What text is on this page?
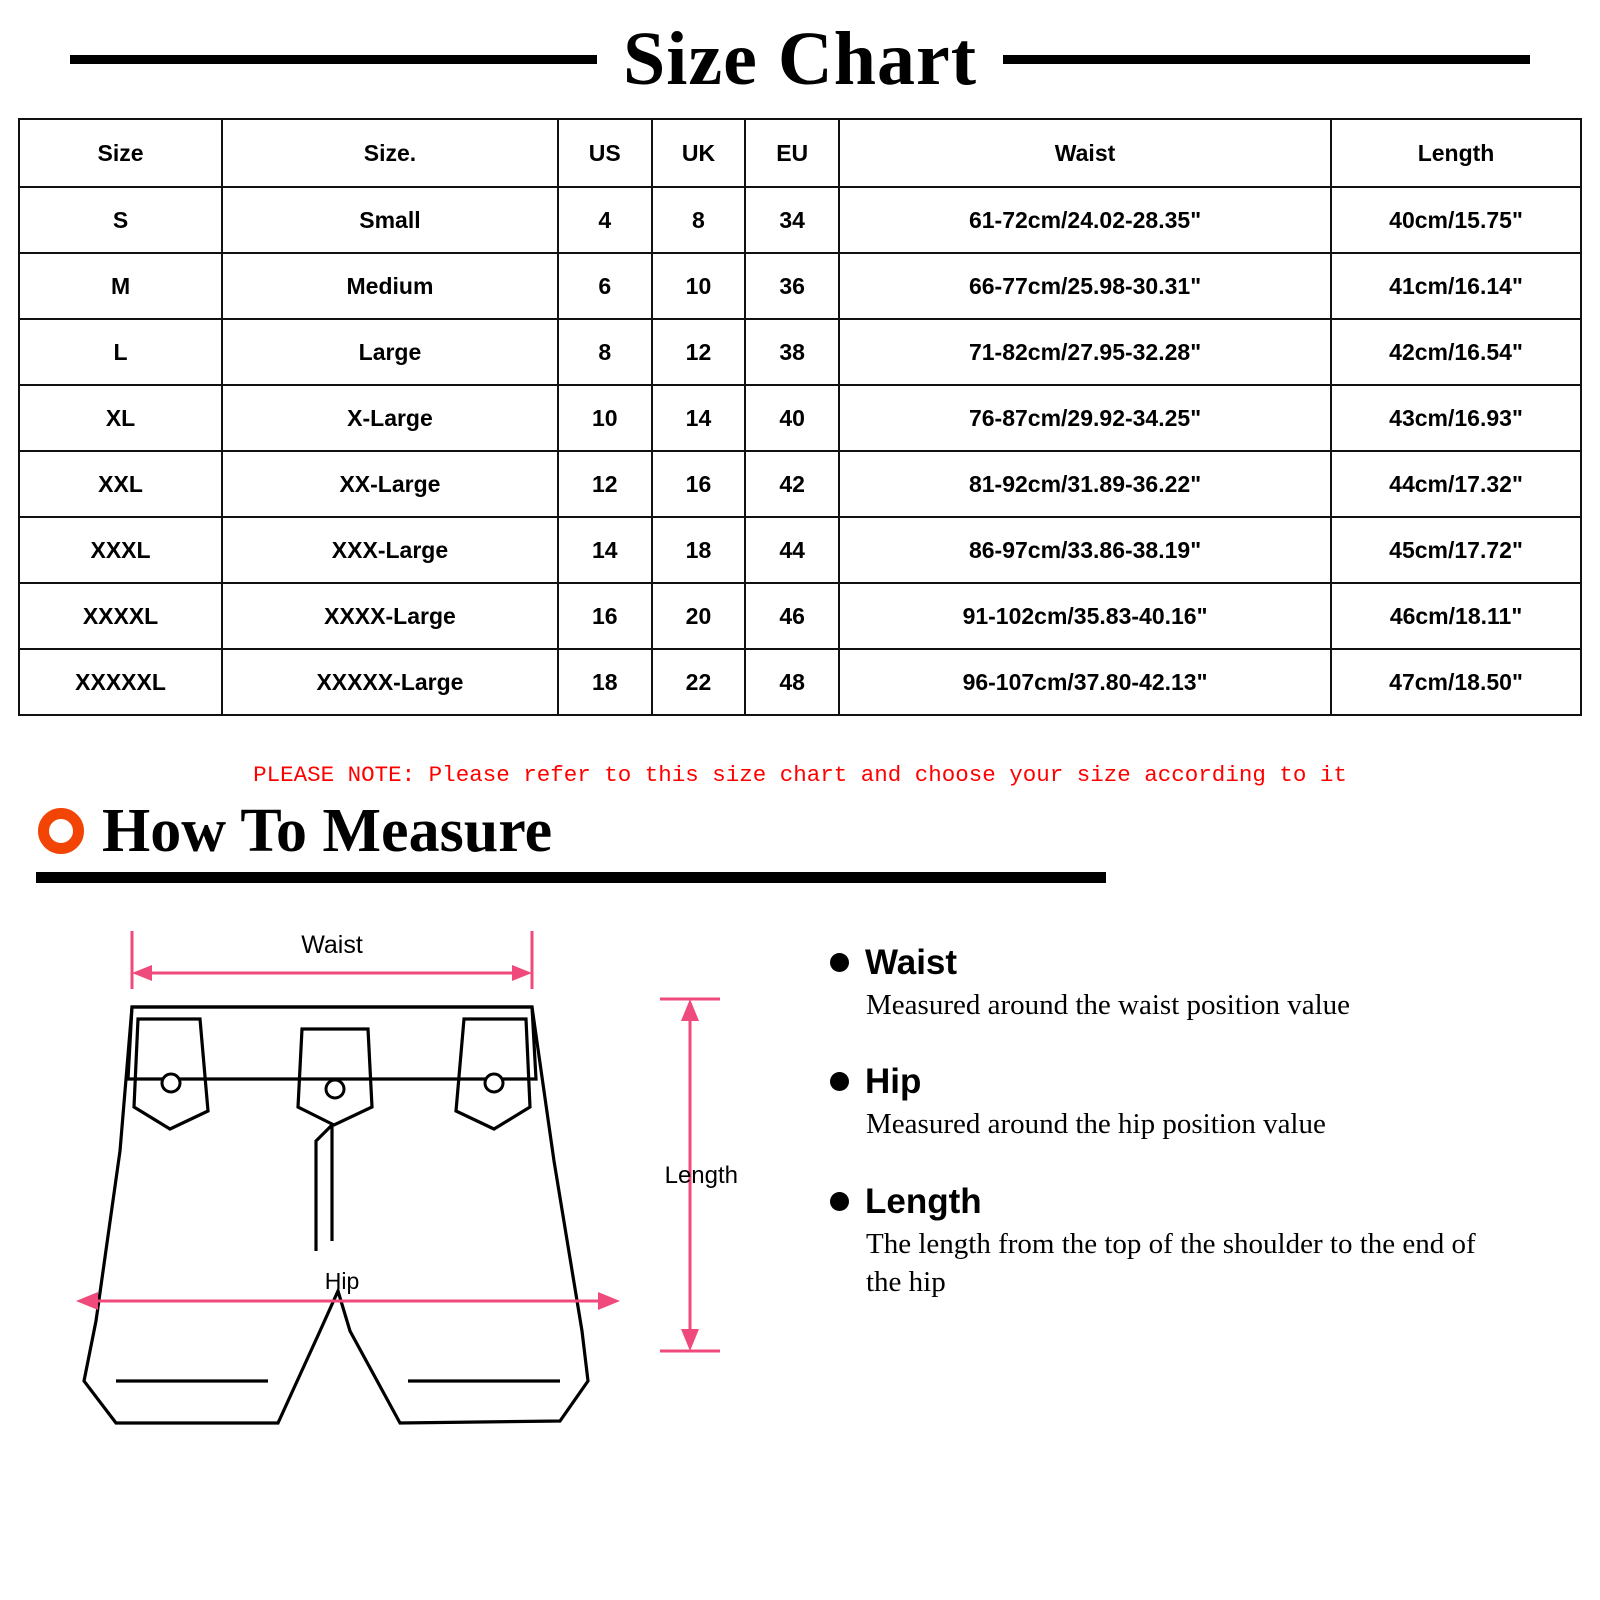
Size Chart
Size	Size.	US	UK	EU	Waist	Length
S	Small	4	8	34	61-72cm/24.02-28.35"	40cm/15.75"
M	Medium	6	10	36	66-77cm/25.98-30.31"	41cm/16.14"
L	Large	8	12	38	71-82cm/27.95-32.28"	42cm/16.54"
XL	X-Large	10	14	40	76-87cm/29.92-34.25"	43cm/16.93"
XXL	XX-Large	12	16	42	81-92cm/31.89-36.22"	44cm/17.32"
XXXL	XXX-Large	14	18	44	86-97cm/33.86-38.19"	45cm/17.72"
XXXXL	XXXX-Large	16	20	46	91-102cm/35.83-40.16"	46cm/18.11"
XXXXXL	XXXXX-Large	18	22	48	96-107cm/37.80-42.13"	47cm/18.50"
PLEASE NOTE: Please refer to this size chart and choose your size according to it
How To Measure
Waist
Hip
Length
Waist
Measured around the waist position value
Hip
Measured around the hip position value
Length
The length from the top of the shoulder to the end of the hip
